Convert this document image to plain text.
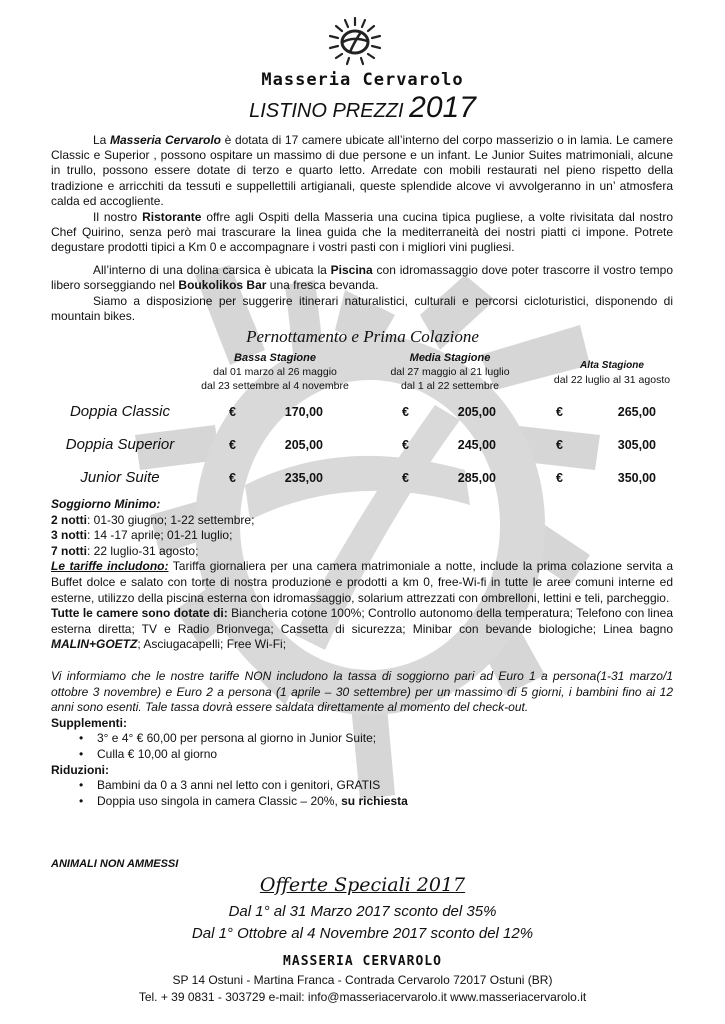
Masseria Cervarolo
LISTINO PREZZI 2017
La Masseria Cervarolo è dotata di 17 camere ubicate all’interno del corpo masserizio o in lamia. Le camere Classic e Superior , possono ospitare un massimo di due persone e un infant. Le Junior Suites matrimoniali, alcune in trullo, possono essere dotate di terzo e quarto letto. Arredate con mobili restaurati nel pieno rispetto della tradizione e arricchiti da tessuti e suppellettili artigianali, queste splendide alcove vi avvolgeranno in un’ atmosfera calda ed accogliente.
Il nostro Ristorante offre agli Ospiti della Masseria una cucina tipica pugliese, a volte rivisitata dal nostro Chef Quirino, senza però mai trascurare la linea guida che la mediterraneità dei nostri piatti ci impone. Potrete degustare prodotti tipici a Km 0 e accompagnare i vostri pasti con i migliori vini pugliesi.
All’interno di una dolina carsica è ubicata la Piscina con idromassaggio dove poter trascorre il vostro tempo libero sorseggiando nel Boukolikos Bar una fresca bevanda.
Siamo a disposizione per suggerire itinerari naturalistici, culturali e percorsi cicloturistici, disponendo di mountain bikes.
Pernottamento e Prima Colazione
Bassa Stagione
dal 01 marzo al 26 maggio
dal 23 settembre al 4 novembre
Media Stagione
dal 27 maggio al 21 luglio
dal 1 al 22 settembre
Alta Stagione
dal 22 luglio al 31 agosto
Doppia Classic	€	170,00	€	205,00	€	265,00
Doppia Superior	€	205,00	€	245,00	€	305,00
Junior Suite	€	235,00	€	285,00	€	350,00
Soggiorno Minimo:
2 notti: 01-30 giugno; 1-22 settembre;
3 notti: 14 -17 aprile; 01-21 luglio;
7 notti: 22 luglio-31 agosto;
Le tariffe includono: Tariffa giornaliera per una camera matrimoniale a notte, include la prima colazione servita a Buffet dolce e salato con torte di nostra produzione e prodotti a km 0, free-Wi-fi in tutte le aree comuni interne ed esterne, utilizzo della piscina esterna con idromassaggio, solarium attrezzati con ombrelloni, lettini e teli, parcheggio.
Tutte le camere sono dotate di: Biancheria cotone 100%; Controllo autonomo della temperatura; Telefono con linea esterna diretta; TV e Radio Brionvega; Cassetta di sicurezza; Minibar con bevande biologiche; Linea bagno MALIN+GOETZ; Asciugacapelli; Free Wi-Fi;
Vi informiamo che le nostre tariffe NON includono la tassa di soggiorno pari ad Euro 1 a persona(1-31 marzo/1 ottobre 3 novembre) e Euro 2 a persona (1 aprile – 30 settembre) per un massimo di 5 giorni, i bambini fino ai 12 anni sono esenti. Tale tassa dovrà essere saldata direttamente al momento del check-out.
Supplementi:
• 3° e 4° € 60,00 per persona al giorno in Junior Suite;
• Culla € 10,00 al giorno
Riduzioni:
• Bambini da 0 a 3 anni nel letto con i genitori, GRATIS
• Doppia uso singola in camera Classic – 20%, su richiesta
ANIMALI NON AMMESSI
Offerte Speciali 2017
Dal 1° al 31 Marzo 2017 sconto del 35%
Dal 1° Ottobre al 4 Novembre 2017 sconto del 12%
MASSERIA CERVAROLO
SP 14 Ostuni - Martina Franca - Contrada Cervarolo 72017 Ostuni (BR)
Tel. + 39 0831 - 303729 e-mail: info@masseriacervarolo.it www.masseriacervarolo.it
